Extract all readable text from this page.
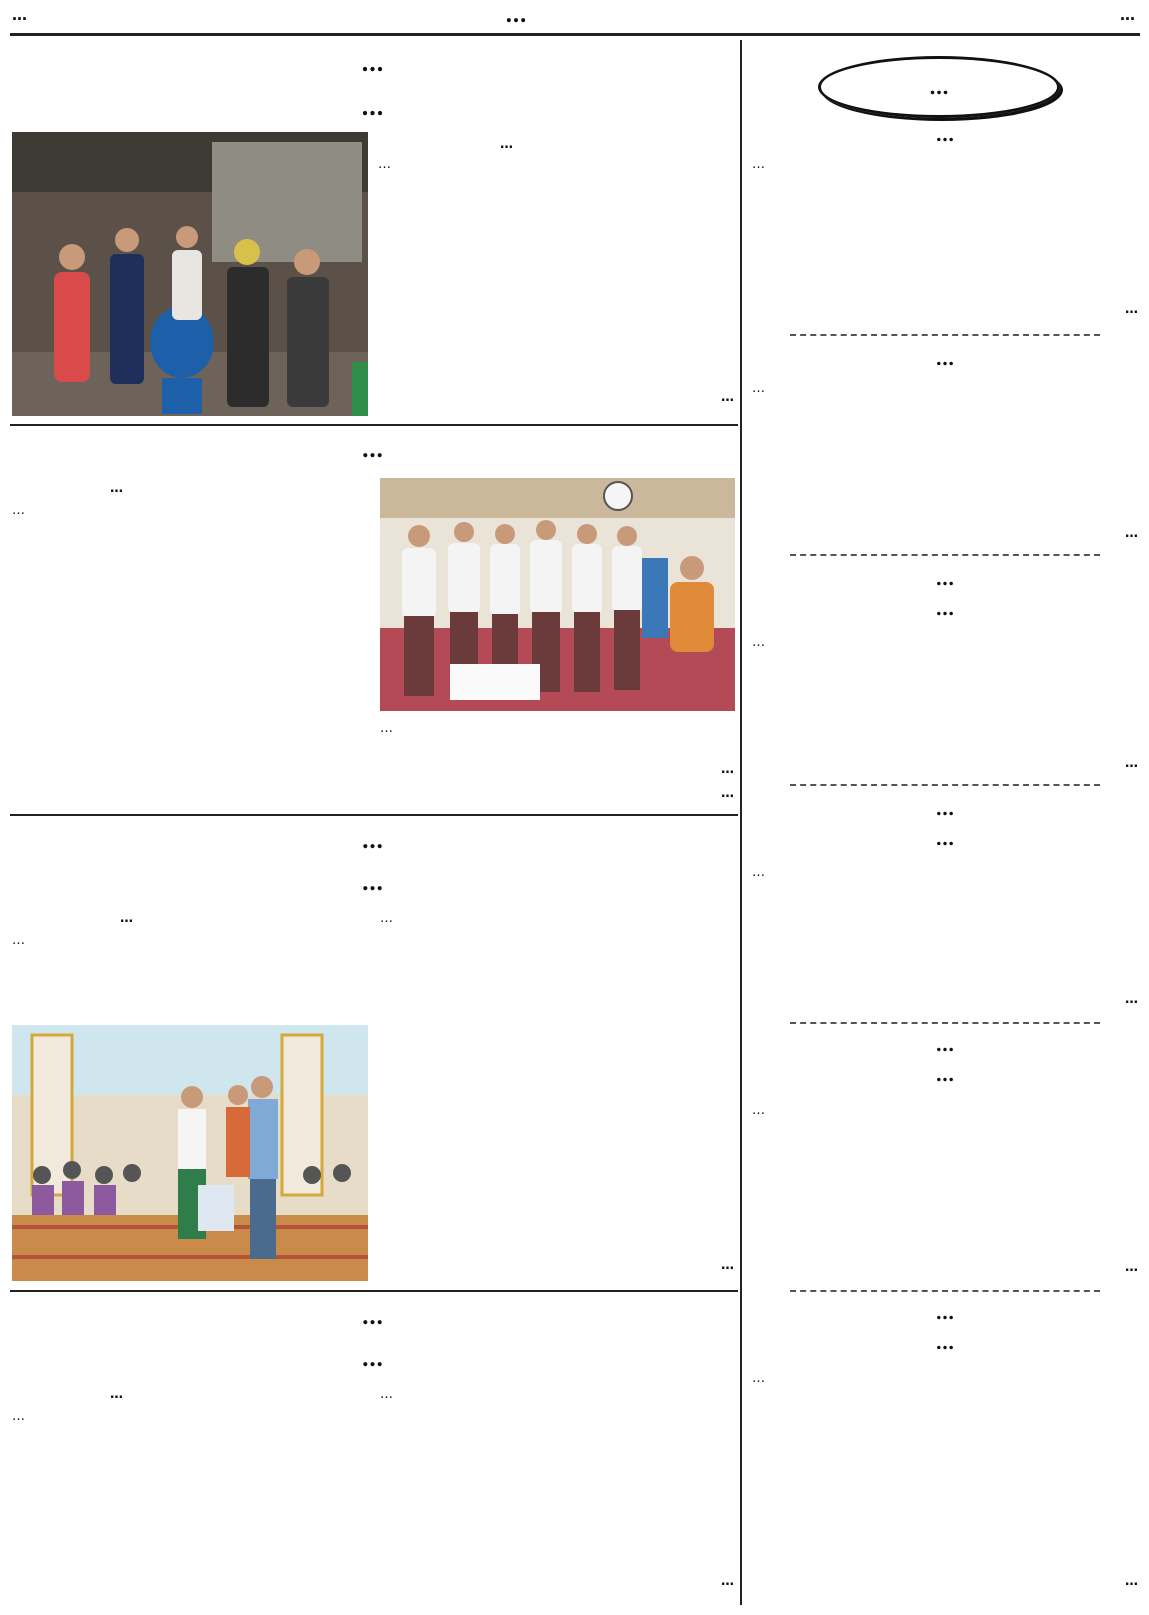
…	…	…
…
…
…
…
…
…
…
…
…
…
…
…
…
…
…
…
…
…
…
…
…
…
…
…
…
…
…
…
…
…
…
…
…
…
…
…
…
…
…
…
…
…
…
…
…
…
